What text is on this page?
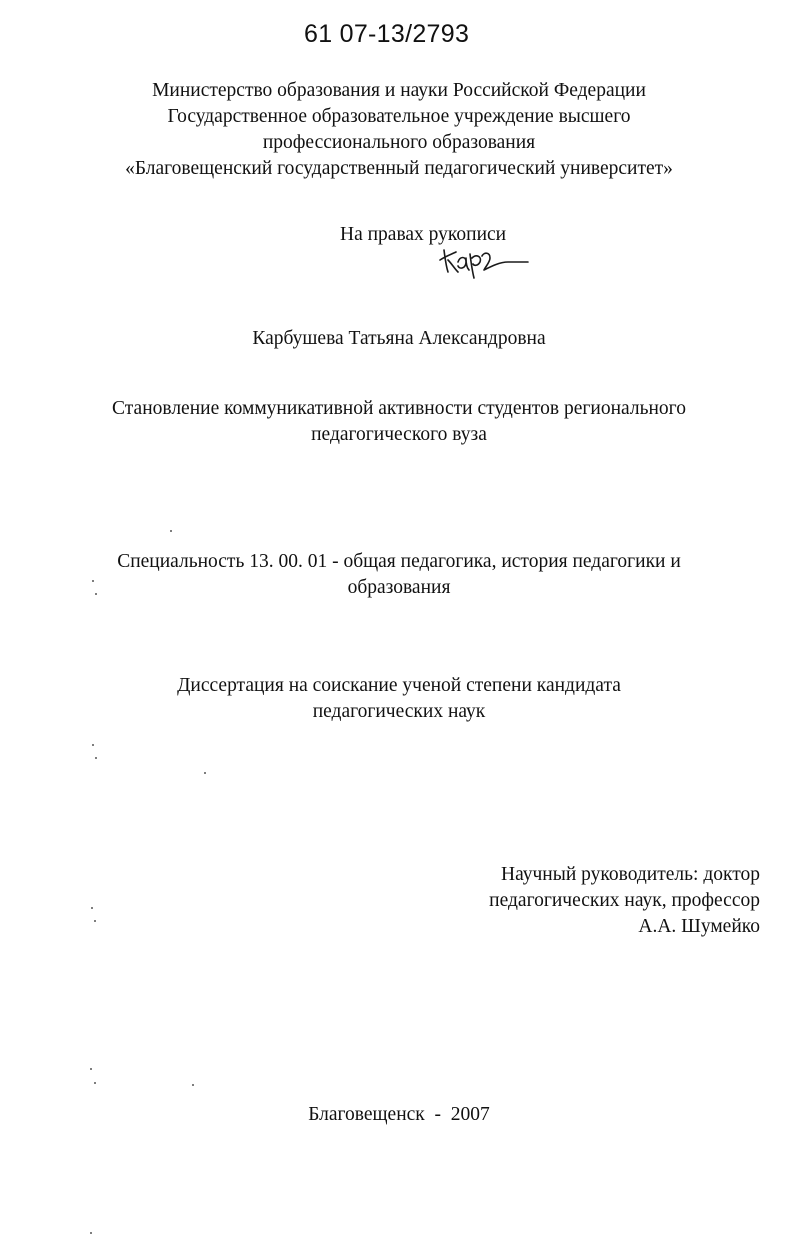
61 07-13/2793
Министерство образования и науки Российской Федерации
Государственное образовательное учреждение высшего
профессионального образования
«Благовещенский государственный педагогический университет»
На правах рукописи
Карбушева Татьяна Александровна
Становление коммуникативной активности студентов регионального
педагогического вуза
Специальность 13. 00. 01 - общая педагогика, история педагогики и
образования
Диссертация на соискание ученой степени кандидата
педагогических наук
Научный руководитель: доктор
педагогических наук, профессор
А.А. Шумейко
Благовещенск  -  2007
